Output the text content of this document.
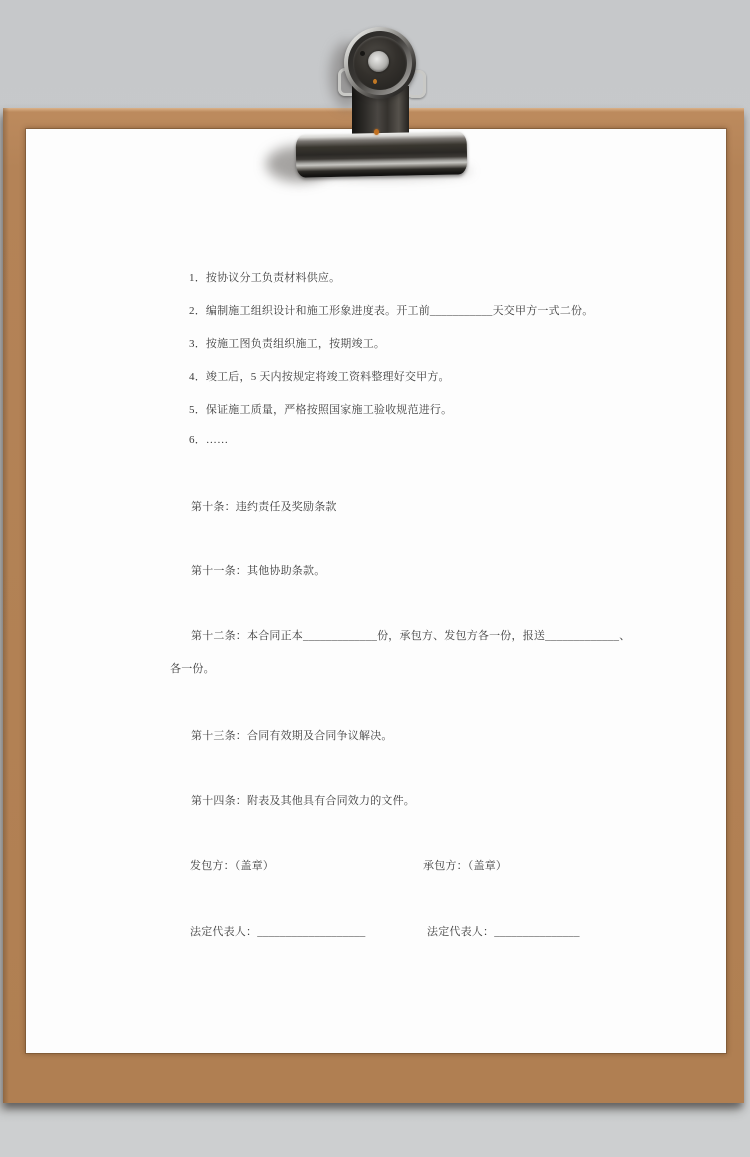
1．按协议分工负责材料供应。
2．编制施工组织设计和施工形象进度表。开工前___________天交甲方一式二份。
3．按施工图负责组织施工，按期竣工。
4．竣工后，5 天内按规定将竣工资料整理好交甲方。
5．保证施工质量，严格按照国家施工验收规范进行。
6．……
第十条：违约责任及奖励条款
第十一条：其他协助条款。
第十二条：本合同正本_____________份，承包方、发包方各一份，报送_____________、
各一份。
第十三条：合同有效期及合同争议解决。
第十四条：附表及其他具有合同效力的文件。
发包方：（盖章）	承包方：（盖章）
法定代表人：___________________	法定代表人：_______________
